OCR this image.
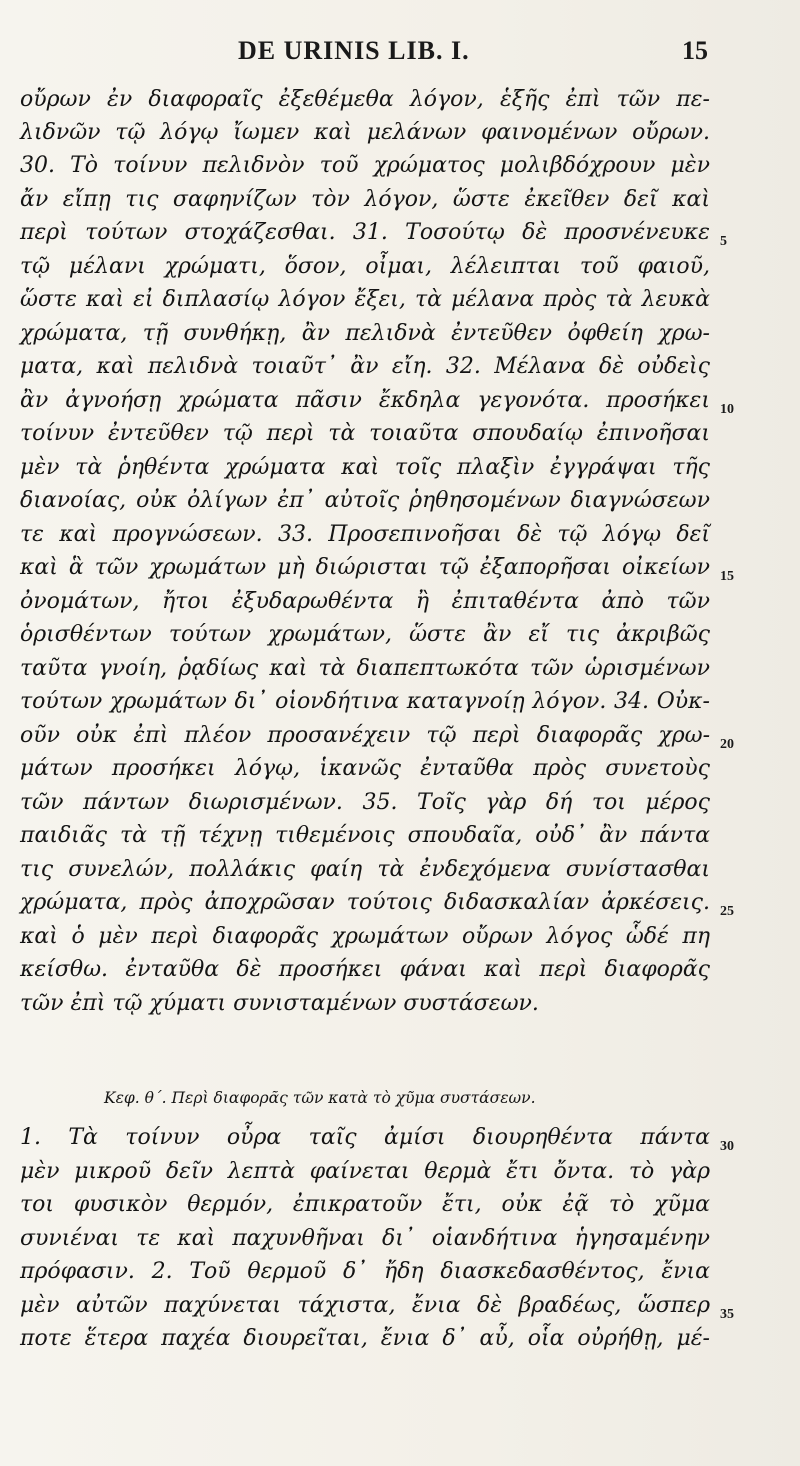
DE URINIS LIB. I.	15
οὔρων ἐν διαφοραῖς ἐξεθέμεθα λόγον, ἑξῆς ἐπὶ τῶν πε-
λιδνῶν τῷ λόγῳ ἴωμεν καὶ μελάνων φαινομένων οὔρων.
30. Τὸ τοίνυν πελιδνὸν τοῦ χρώματος μολιβδόχρουν μὲν
ἄν εἴπῃ τις σαφηνίζων τὸν λόγον, ὥστε ἐκεῖθεν δεῖ καὶ
περὶ τούτων στοχάζεσθαι. 31. Τοσούτῳ δὲ προσνένευκε
τῷ μέλανι χρώματι, ὅσον, οἶμαι, λέλειπται τοῦ φαιοῦ,
ὥστε καὶ εἰ διπλασίῳ λόγον ἔξει, τὰ μέλανα πρὸς τὰ λευκὰ
χρώματα, τῇ συνθήκῃ, ἂν πελιδνὰ ἐντεῦθεν ὀφθείη χρω-
ματα, καὶ πελιδνὰ τοιαῦτ᾽ ἂν εἴη. 32. Μέλανα δὲ οὐδεὶς
ἂν ἀγνοήσῃ χρώματα πᾶσιν ἔκδηλα γεγονότα. προσήκει
τοίνυν ἐντεῦθεν τῷ περὶ τὰ τοιαῦτα σπουδαίῳ ἐπινοῆσαι
μὲν τὰ ῥηθέντα χρώματα καὶ τοῖς πλαξὶν ἐγγράψαι τῆς
διανοίας, οὐκ ὀλίγων ἐπ᾽ αὐτοῖς ῥηθησομένων διαγνώσεων
τε καὶ προγνώσεων. 33. Προσεπινοῆσαι δὲ τῷ λόγῳ δεῖ
καὶ ἃ τῶν χρωμάτων μὴ διώρισται τῷ ἐξαπορῆσαι οἰκείων
ὀνομάτων, ἤτοι ἐξυδαρωθέντα ἢ ἐπιταθέντα ἀπὸ τῶν
ὁρισθέντων τούτων χρωμάτων, ὥστε ἂν εἴ τις ἀκριβῶς
ταῦτα γνοίη, ῥᾳδίως καὶ τὰ διαπεπτωκότα τῶν ὡρισμένων
τούτων χρωμάτων δι᾽ οἱονδήτινα καταγνοίῃ λόγον. 34. Οὐκ-
οῦν οὐκ ἐπὶ πλέον προσανέχειν τῷ περὶ διαφορᾶς χρω-
μάτων προσήκει λόγῳ, ἱκανῶς ἐνταῦθα πρὸς συνετοὺς
τῶν πάντων διωρισμένων. 35. Τοῖς γὰρ δή τοι μέρος
παιδιᾶς τὰ τῇ τέχνῃ τιθεμένοις σπουδαῖα, οὐδ᾽ ἂν πάντα
τις συνελών, πολλάκις φαίη τὰ ἐνδεχόμενα συνίστασθαι
χρώματα, πρὸς ἀποχρῶσαν τούτοις διδασκαλίαν ἀρκέσεις.
καὶ ὁ μὲν περὶ διαφορᾶς χρωμάτων οὔρων λόγος ὧδέ πη
κείσθω. ἐνταῦθα δὲ προσήκει φάναι καὶ περὶ διαφορᾶς
τῶν ἐπὶ τῷ χύματι συνισταμένων συστάσεων.
Κεφ. θ΄. Περὶ διαφορᾶς τῶν κατὰ τὸ χῦμα συστάσεων.
1. Τὰ τοίνυν οὖρα ταῖς ἀμίσι διουρηθέντα πάντα
μὲν μικροῦ δεῖν λεπτὰ φαίνεται θερμὰ ἔτι ὄντα. τὸ γὰρ
τοι φυσικὸν θερμόν, ἐπικρατοῦν ἔτι, οὐκ ἐᾷ τὸ χῦμα
συνιέναι τε καὶ παχυνθῆναι δι᾽ οἱανδήτινα ἡγησαμένην
πρόφασιν. 2. Τοῦ θερμοῦ δ᾽ ἤδη διασκεδασθέντος, ἔνια
μὲν αὐτῶν παχύνεται τάχιστα, ἔνια δὲ βραδέως, ὥσπερ
ποτε ἕτερα παχέα διουρεῖται, ἔνια δ᾽ αὖ, οἷα οὐρήθῃ, μέ-
5
10
15
20
25
30
35
